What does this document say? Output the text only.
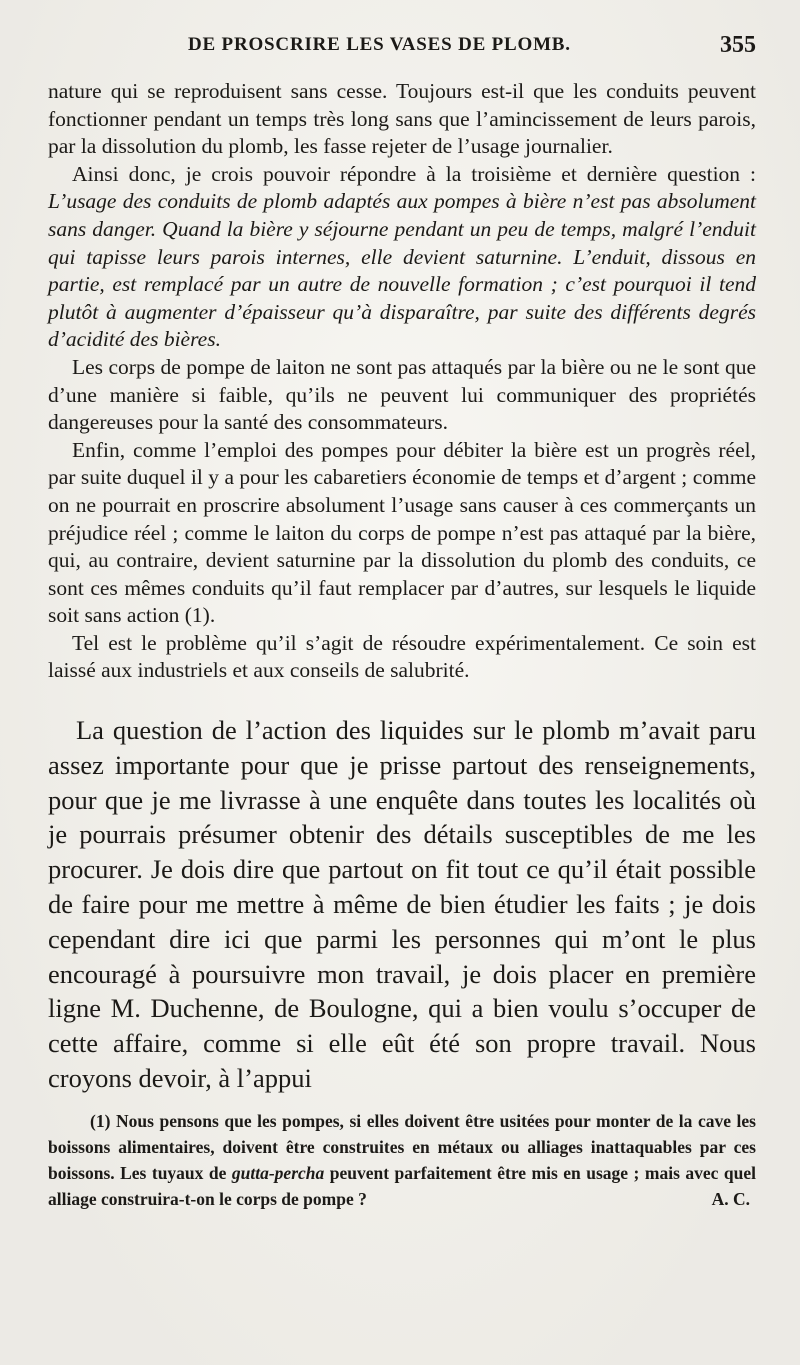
DE PROSCRIRE LES VASES DE PLOMB.	355

nature qui se reproduisent sans cesse. Toujours est-il que les conduits peuvent fonctionner pendant un temps très long sans que l’amincissement de leurs parois, par la dissolution du plomb, les fasse rejeter de l’usage journalier.

Ainsi donc, je crois pouvoir répondre à la troisième et dernière question : L’usage des conduits de plomb adaptés aux pompes à bière n’est pas absolument sans danger. Quand la bière y séjourne pendant un peu de temps, malgré l’enduit qui tapisse leurs parois internes, elle devient saturnine. L’enduit, dissous en partie, est remplacé par un autre de nouvelle formation ; c’est pourquoi il tend plutôt à augmenter d’épaisseur qu’à disparaître, par suite des différents degrés d’acidité des bières.

Les corps de pompe de laiton ne sont pas attaqués par la bière ou ne le sont que d’une manière si faible, qu’ils ne peuvent lui communiquer des propriétés dangereuses pour la santé des consommateurs.

Enfin, comme l’emploi des pompes pour débiter la bière est un progrès réel, par suite duquel il y a pour les cabaretiers économie de temps et d’argent ; comme on ne pourrait en proscrire absolument l’usage sans causer à ces commerçants un préjudice réel ; comme le laiton du corps de pompe n’est pas attaqué par la bière, qui, au contraire, devient saturnine par la dissolution du plomb des conduits, ce sont ces mêmes conduits qu’il faut remplacer par d’autres, sur lesquels le liquide soit sans action (1).

Tel est le problème qu’il s’agit de résoudre expérimentalement. Ce soin est laissé aux industriels et aux conseils de salubrité.

La question de l’action des liquides sur le plomb m’avait paru assez importante pour que je prisse partout des renseignements, pour que je me livrasse à une enquête dans toutes les localités où je pourrais présumer obtenir des détails susceptibles de me les procurer. Je dois dire que partout on fit tout ce qu’il était possible de faire pour me mettre à même de bien étudier les faits ; je dois cependant dire ici que parmi les personnes qui m’ont le plus encouragé à poursuivre mon travail, je dois placer en première ligne M. Duchenne, de Boulogne, qui a bien voulu s’occuper de cette affaire, comme si elle eût été son propre travail. Nous croyons devoir, à l’appui

(1) Nous pensons que les pompes, si elles doivent être usitées pour monter de la cave les boissons alimentaires, doivent être construites en métaux ou alliages inattaquables par ces boissons. Les tuyaux de gutta-percha peuvent parfaitement être mis en usage ; mais avec quel alliage construira-t-on le corps de pompe ?	A. C.
